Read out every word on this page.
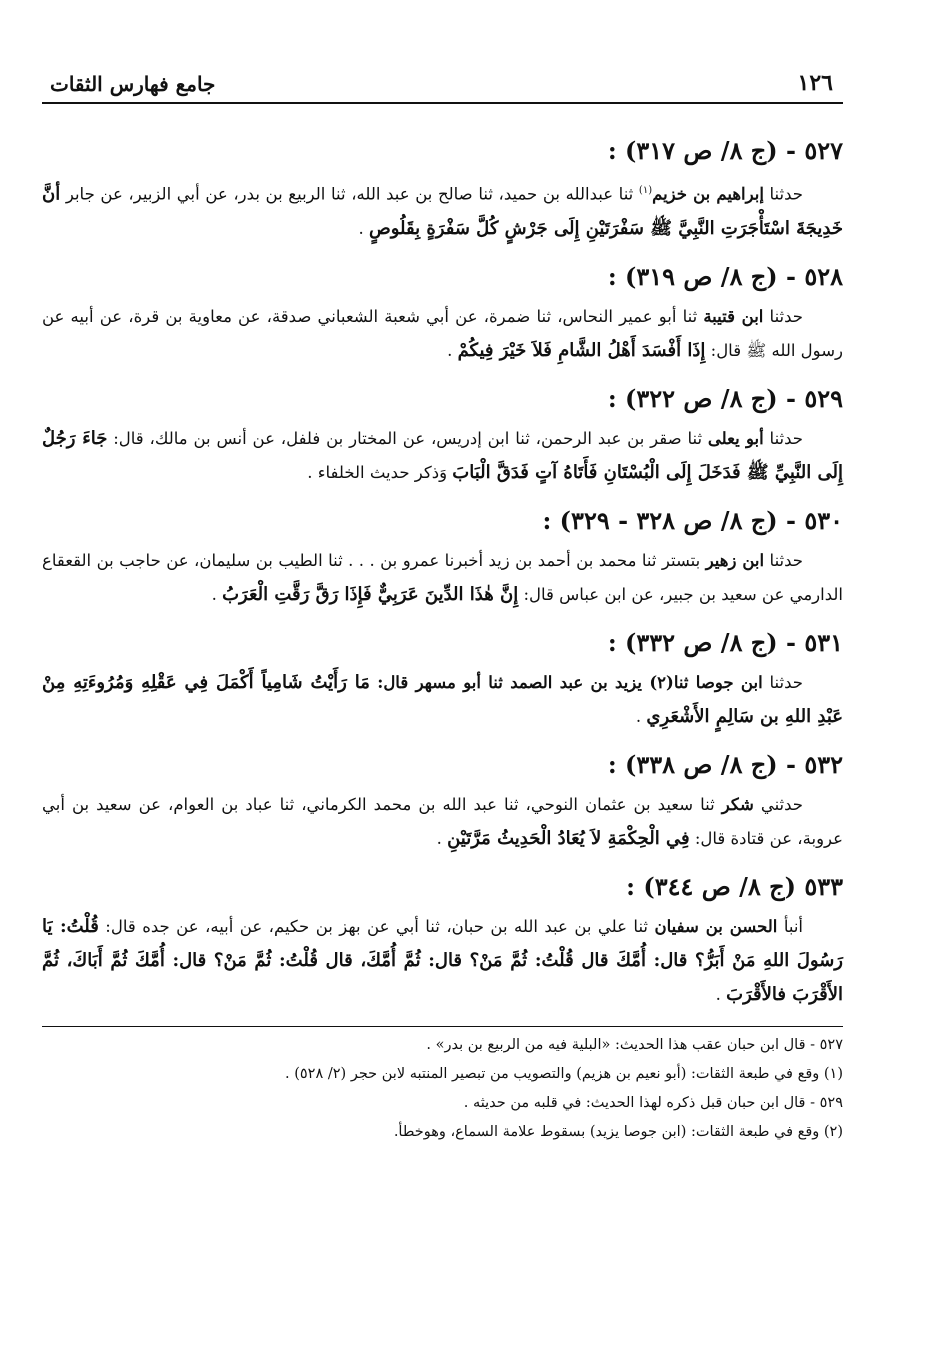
١٢٦
جامع فهارس الثقات

٥٢٧ - (ج ٨/ ص ٣١٧) :

حدثنا إبراهيم بن خزيم$^{(١)}$ ثنا عبدالله بن حميد، ثنا صالح بن عبد الله، ثنا الربيع بن بدر، عن أبي الزبير، عن جابر أنَّ خَدِيجَةَ اسْتَأْجَرَتِ النَّبِيَّ ﷺ سَفْرَتَيْنِ إِلَى جَرْشٍ كُلَّ سَفْرَةٍ بِقَلُوصٍ .

٥٢٨ - (ج ٨/ ص ٣١٩) :

حدثنا ابن قتيبة ثنا أبو عمير النحاس، ثنا ضمرة، عن أبي شعبة الشعباني صدقة، عن معاوية بن قرة، عن أبيه عن رسول الله ﷺ قال: إِذَا أَفْسَدَ أَهْلُ الشَّامِ فَلاَ خَيْرَ فِيكُمْ .

٥٢٩ - (ج ٨/ ص ٣٢٢) :

حدثنا أبو يعلى ثنا صقر بن عبد الرحمن، ثنا ابن إدريس، عن المختار بن فلفل، عن أنس بن مالك، قال: جَاءَ رَجُلٌ إِلَى النَّبِيِّ ﷺ فَدَخَلَ إِلَى الْبُسْتَانِ فَأَتَاهُ آتٍ فَدَقَّ الْبَابَ وَذكر حديث الخلفاء .

٥٣٠ - (ج ٨/ ص ٣٢٨ - ٣٢٩) :

حدثنا ابن زهير بتستر ثنا محمد بن أحمد بن زيد أخبرنا عمرو بن . . . ثنا الطيب بن سليمان، عن حاجب بن القعقاع الدارمي عن سعيد بن جبير، عن ابن عباس قال: إِنَّ هٰذَا الدِّينَ عَرَبِيٌّ فَإِذَا رَقَّ رَقَّتِ الْعَرَبُ .

٥٣١ - (ج ٨/ ص ٣٣٢) :

حدثنا ابن جوصا ثنا(٢) يزيد بن عبد الصمد ثنا أبو مسهر قال: مَا رَأَيْتُ شَامِياً أَكْمَلَ فِي عَقْلِهِ وَمُرُوءَتِهِ مِنْ عَبْدِ اللهِ بن سَالِمٍ الأَشْعَرِي .

٥٣٢ - (ج ٨/ ص ٣٣٨) :

حدثني شكر ثنا سعيد بن عثمان النوحي، ثنا عبد الله بن محمد الكرماني، ثنا عباد بن العوام، عن سعيد بن أبي عروبة، عن قتادة قال: فِي الْحِكْمَةِ لاَ يُعَادُ الْحَدِيثُ مَرَّتَيْنِ .

٥٣٣ (ج ٨/ ص ٣٤٤) :

أنبأ الحسن بن سفيان ثنا علي بن عبد الله بن حبان، ثنا أبي عن بهز بن حكيم، عن أبيه، عن جده قال: قُلْتُ: يَا رَسُولَ اللهِ مَنْ أَبَرُّ؟ قال: أُمَّكَ قال قُلْتُ: ثُمَّ مَنْ؟ قال: ثُمَّ أُمَّكَ، قال قُلْتُ: ثُمَّ مَنْ؟ قال: أُمَّكَ ثُمَّ أَبَاكَ، ثُمَّ الأَقْرَبَ فالأَقْرَبَ .

٥٢٧ - قال ابن حبان عقب هذا الحديث: «البلية فيه من الربيع بن بدر» .

(١) وقع في طبعة الثقات: (أبو نعيم بن هزيم) والتصويب من تبصير المنتبه لابن حجر (٢/ ٥٢٨) .

٥٢٩ - قال ابن حبان قبل ذكره لهذا الحديث: في قلبه من حديثه .

(٢) وقع في طبعة الثقات: (ابن جوصا يزيد) بسقوط علامة السماع، وهوخطأ.
